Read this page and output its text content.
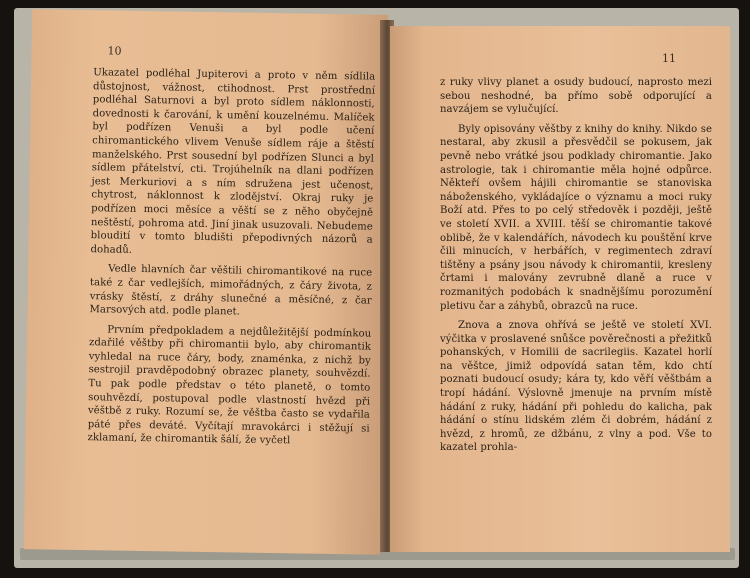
10
Ukazatel podléhal Jupiterovi a proto v něm sídlila důstojnost, vážnost, ctihodnost. Prst prostřední podléhal Saturnovi a byl proto sídlem náklonnosti, dovednosti k čarování, k umění kouzelnému. Malíček byl podřízen Venuši a byl podle učení chiromantického vlivem Venuše sídlem ráje a štěstí manželského. Prst sousední byl podřízen Slunci a byl sídlem přátelství, cti. Trojúhelník na dlani podřízen jest Merkuriovi a s ním sdružena jest učenost, chytrost, náklonnost k zlodějství. Okraj ruky je podřízen moci měsíce a věští se z něho obyčejně neštěstí, pohroma atd. Jiní jinak usuzovali. Nebudeme bloudití v tomto bludišti přepodivných názorů a dohadů.
Vedle hlavních čar věštili chiromantikové na ruce také z čar vedlejších, mimořádných, z čáry života, z vrásky štěstí, z dráhy slunečné a měsíčné, z čar Marsových atd. podle planet.
Prvním předpokladem a nejdůležitější podmínkou zdařilé věštby při chiromantii bylo, aby chiromantik vyhledal na ruce čáry, body, znaménka, z nichž by sestrojil pravděpodobný obrazec planety, souhvězdí. Tu pak podle představ o této planetě, o tomto souhvězdí, postupoval podle vlastností hvězd při věštbě z ruky. Rozumí se, že věštba často se vydařila páté přes deváté. Vyčítají mravokárci i stěžují si zklamaní, že chiromantik šálí, že vyčetl
11
z ruky vlivy planet a osudy budoucí, naprosto mezi sebou neshodné, ba přímo sobě odporující a navzájem se vylučující.
Byly opisovány věštby z knihy do knihy. Nikdo se nestaral, aby zkusil a přesvědčil se pokusem, jak pevně nebo vrátké jsou podklady chiromantie. Jako astrologie, tak i chiromantie měla hojné odpůrce. Někteří ovšem hájili chiromantie se stanoviska náboženského, vykládajíce o významu a moci ruky Boží atd. Přes to po celý středověk i později, ještě ve století XVII. a XVIII. těší se chiromantie takové oblibě, že v kalendářích, návodech ku pouštění krve čili minucích, v herbářích, v regimentech zdraví tištěny a psány jsou návody k chiromantii, kresleny črtami i malovány zevrubně dlaně a ruce v rozmanitých podobách k snadnějšímu porozumění pletivu čar a záhybů, obrazců na ruce.
Znova a znova ohřívá se ještě ve století XVI. výčitka v proslavené snůšce pověrečnosti a přežitků pohanských, v Homilii de sacrilegiis. Kazatel horlí na věštce, jimiž odpovídá satan těm, kdo chtí poznati budoucí osudy; kára ty, kdo věří věštbám a tropí hádání. Výslovně jmenuje na prvním místě hádání z ruky, hádání při pohledu do kalicha, pak hádání o stínu lidském zlém či dobrém, hádání z hvězd, z hromů, ze džbánu, z vlny a pod. Vše to kazatel prohla-
